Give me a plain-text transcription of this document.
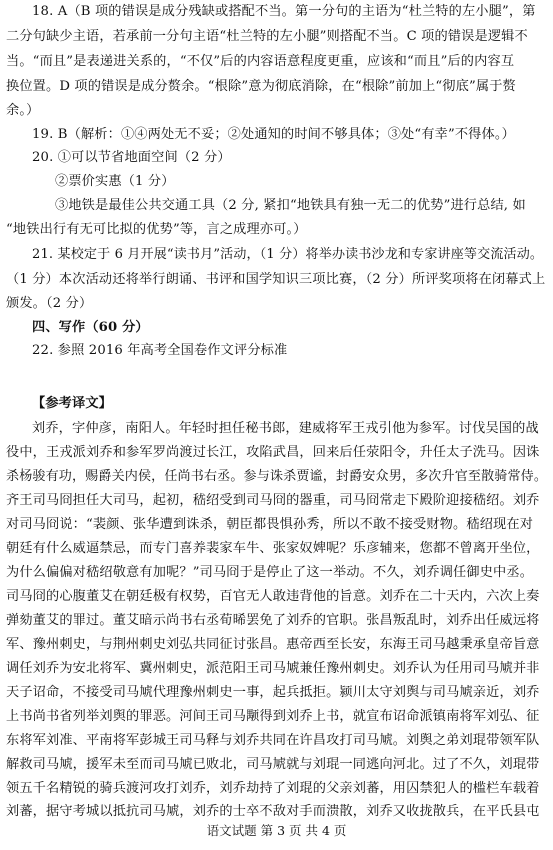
18. A（B 项的错误是成分残缺或搭配不当。第一分句的主语为“杜兰特的左小腿”，第
二分句缺少主语，若承前一分句主语“杜兰特的左小腿”则搭配不当。C 项的错误是逻辑不
当。“而且”是表递进关系的，“不仅”后的内容语意程度更重，应该和“而且”后的内容互
换位置。D 项的错误是成分赘余。“根除”意为彻底消除，在“根除”前加上“彻底”属于赘
余。）
19. B（解析：①④两处无不妥；②处通知的时间不够具体；③处“有幸”不得体。）
20. ①可以节省地面空间（2 分）
②票价实惠（1 分）
③地铁是最佳公共交通工具（2 分, 紧扣“地铁具有独一无二的优势”进行总结, 如
“地铁出行有无可比拟的优势”等，言之成理亦可。）
21. 某校定于 6 月开展“读书月”活动，（1 分）将举办读书沙龙和专家讲座等交流活动。
（1 分）本次活动还将举行朗诵、书评和国学知识三项比赛，（2 分）所评奖项将在闭幕式上
颁发。（2 分）
四、写作（60 分）
22. 参照 2016 年高考全国卷作文评分标准
【参考译文】
刘乔，字仲彦，南阳人。年轻时担任秘书郎，建威将军王戎引他为参军。讨伐吴国的战
役中，王戎派刘乔和参军罗尚渡过长江，攻陷武昌，回来后任荥阳令，升任太子洗马。因诛
杀杨骏有功，赐爵关内侯，任尚书右丞。参与诛杀贾谧，封爵安众男，多次升官至散骑常侍。
齐王司马冏担任大司马，起初，嵇绍受到司马冏的器重，司马冏常走下殿阶迎接嵇绍。刘乔
对司马冏说：“裴颜、张华遭到诛杀，朝臣都畏惧孙秀，所以不敢不接受财物。嵇绍现在对
朝廷有什么威逼禁忌，而专门喜养裴家车牛、张家奴婢呢？乐彦辅来，您都不曾离开坐位，
为什么偏偏对嵇绍敬意有加呢？”司马冏于是停止了这一举动。不久，刘乔调任御史中丞。
司马冏的心腹董艾在朝廷极有权势，百官无人敢违背他的旨意。刘乔在二十天内，六次上奏
弹劾董艾的罪过。董艾暗示尚书右丞荀晞罢免了刘乔的官职。张昌叛乱时，刘乔出任威远将
军、豫州刺史，与荆州刺史刘弘共同征讨张昌。惠帝西至长安，东海王司马越秉承皇帝旨意
调任刘乔为安北将军、冀州刺史，派范阳王司马虓兼任豫州刺史。刘乔认为任用司马虓并非
天子诏命，不接受司马虓代理豫州刺史一事，起兵抵拒。颍川太守刘舆与司马虓亲近，刘乔
上书尚书省列举刘舆的罪恶。河间王司马颙得到刘乔上书，就宣布诏命派镇南将军刘弘、征
东将军刘准、平南将军彭城王司马释与刘乔共同在许昌攻打司马虓。刘舆之弟刘琨带领军队
解救司马虓，援军未至而司马虓已败北，司马虓就与刘琨一同逃向河北。过了不久，刘琨带
领五千名精锐的骑兵渡河攻打刘乔，刘乔劫持了刘琨的父亲刘蕃，用囚禁犯人的槛栏车载着
刘蕃，据守考城以抵抗司马虓，刘乔的士卒不敌对手而溃散，刘乔又收拢散兵，在平氏县屯
语文试题 第 3 页 共 4 页
